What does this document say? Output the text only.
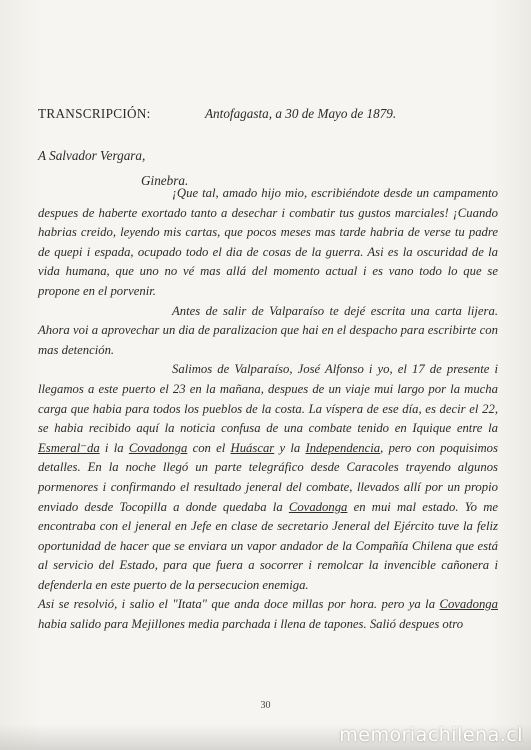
TRANSCRIPCIÓN:	Antofagasta, a 30 de Mayo de 1879.
A Salvador Vergara,
Ginebra.

¡Que tal, amado hijo mio, escribiéndote desde un campamento despues de haberte exortado tanto a desechar i combatir tus gustos marciales! ¡Cuando habrias creido, leyendo mis cartas, que pocos meses mas tarde habria de verse tu padre de quepi i espada, ocupado todo el dia de cosas de la guerra. Asi es la oscuridad de la vida humana, que uno no vé mas allá del momento actual i es vano todo lo que se propone en el porvenir.

Antes de salir de Valparaíso te dejé escrita una carta lijera. Ahora voi a aprovechar un dia de paralizacion que hai en el despacho para escribirte con mas detención.

Salimos de Valparaíso, José Alfonso i yo, el 17 de presente i llegamos a este puerto el 23 en la mañana, despues de un viaje mui largo por la mucha carga que habia para todos los pueblos de la costa. La víspera de ese día, es decir el 22, se habia recibido aquí la noticia confusa de una combate tenido en Iquique entre la Esmeral⁻da i la Covadonga con el Huáscar y la Independencia, pero con poquisimos detalles. En la noche llegó un parte telegráfico desde Caracoles trayendo algunos pormenores i confirmando el resultado jeneral del combate, llevados allí por un propio enviado desde Tocopilla a donde quedaba la Covadonga en mui mal estado. Yo me encontraba con el jeneral en Jefe en clase de secretario Jeneral del Ejército tuve la feliz oportunidad de hacer que se enviara un vapor andador de la Compañía Chilena que está al servicio del Estado, para que fuera a socorrer i remolcar la invencible cañonera i defenderla en este puerto de la persecucion enemiga.

Asi se resolvió, i salio el "Itata" que anda doce millas por hora. pero ya la Covadonga habia salido para Mejillones media parchada i llena de tapones. Salió despues otro

30
memoriachilena.cl
